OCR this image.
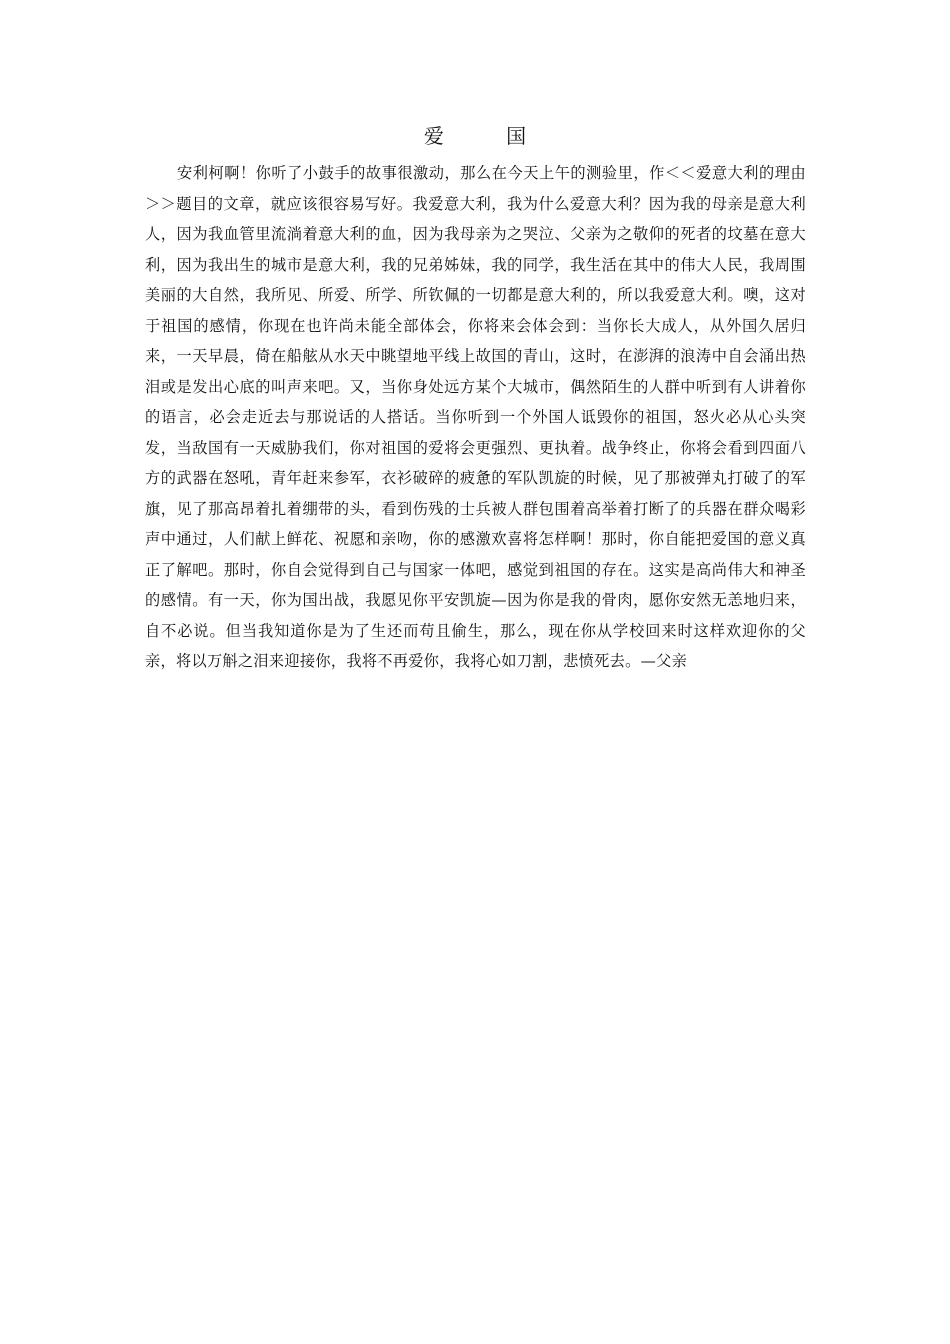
爱 国

安利柯啊！你听了小鼓手的故事很激动，那么在今天上午的测验里，作＜＜爱意大利的理由＞＞题目的文章，就应该很容易写好。我爱意大利，我为什么爱意大利？因为我的母亲是意大利人，因为我血管里流淌着意大利的血，因为我母亲为之哭泣、父亲为之敬仰的死者的坟墓在意大利，因为我出生的城市是意大利，我的兄弟姊妹，我的同学，我生活在其中的伟大人民，我周围美丽的大自然，我所见、所爱、所学、所钦佩的一切都是意大利的，所以我爱意大利。噢，这对于祖国的感情，你现在也许尚未能全部体会，你将来会体会到：当你长大成人，从外国久居归来，一天早晨，倚在船舷从水天中眺望地平线上故国的青山，这时，在澎湃的浪涛中自会涌出热泪或是发出心底的叫声来吧。又，当你身处远方某个大城市，偶然陌生的人群中听到有人讲着你的语言，必会走近去与那说话的人搭话。当你听到一个外国人诋毁你的祖国，怒火必从心头突发，当敌国有一天威胁我们，你对祖国的爱将会更强烈、更执着。战争终止，你将会看到四面八方的武器在怒吼，青年赶来参军，衣衫破碎的疲惫的军队凯旋的时候，见了那被弹丸打破了的军旗，见了那高昂着扎着绷带的头，看到伤残的士兵被人群包围着高举着打断了的兵器在群众喝彩声中通过，人们献上鲜花、祝愿和亲吻，你的感激欢喜将怎样啊！那时，你自能把爱国的意义真正了解吧。那时，你自会觉得到自己与国家一体吧，感觉到祖国的存在。这实是高尚伟大和神圣的感情。有一天，你为国出战，我愿见你平安凯旋—因为你是我的骨肉，愿你安然无恙地归来，自不必说。但当我知道你是为了生还而苟且偷生，那么，现在你从学校回来时这样欢迎你的父亲，将以万斛之泪来迎接你，我将不再爱你，我将心如刀割，悲愤死去。—父亲
